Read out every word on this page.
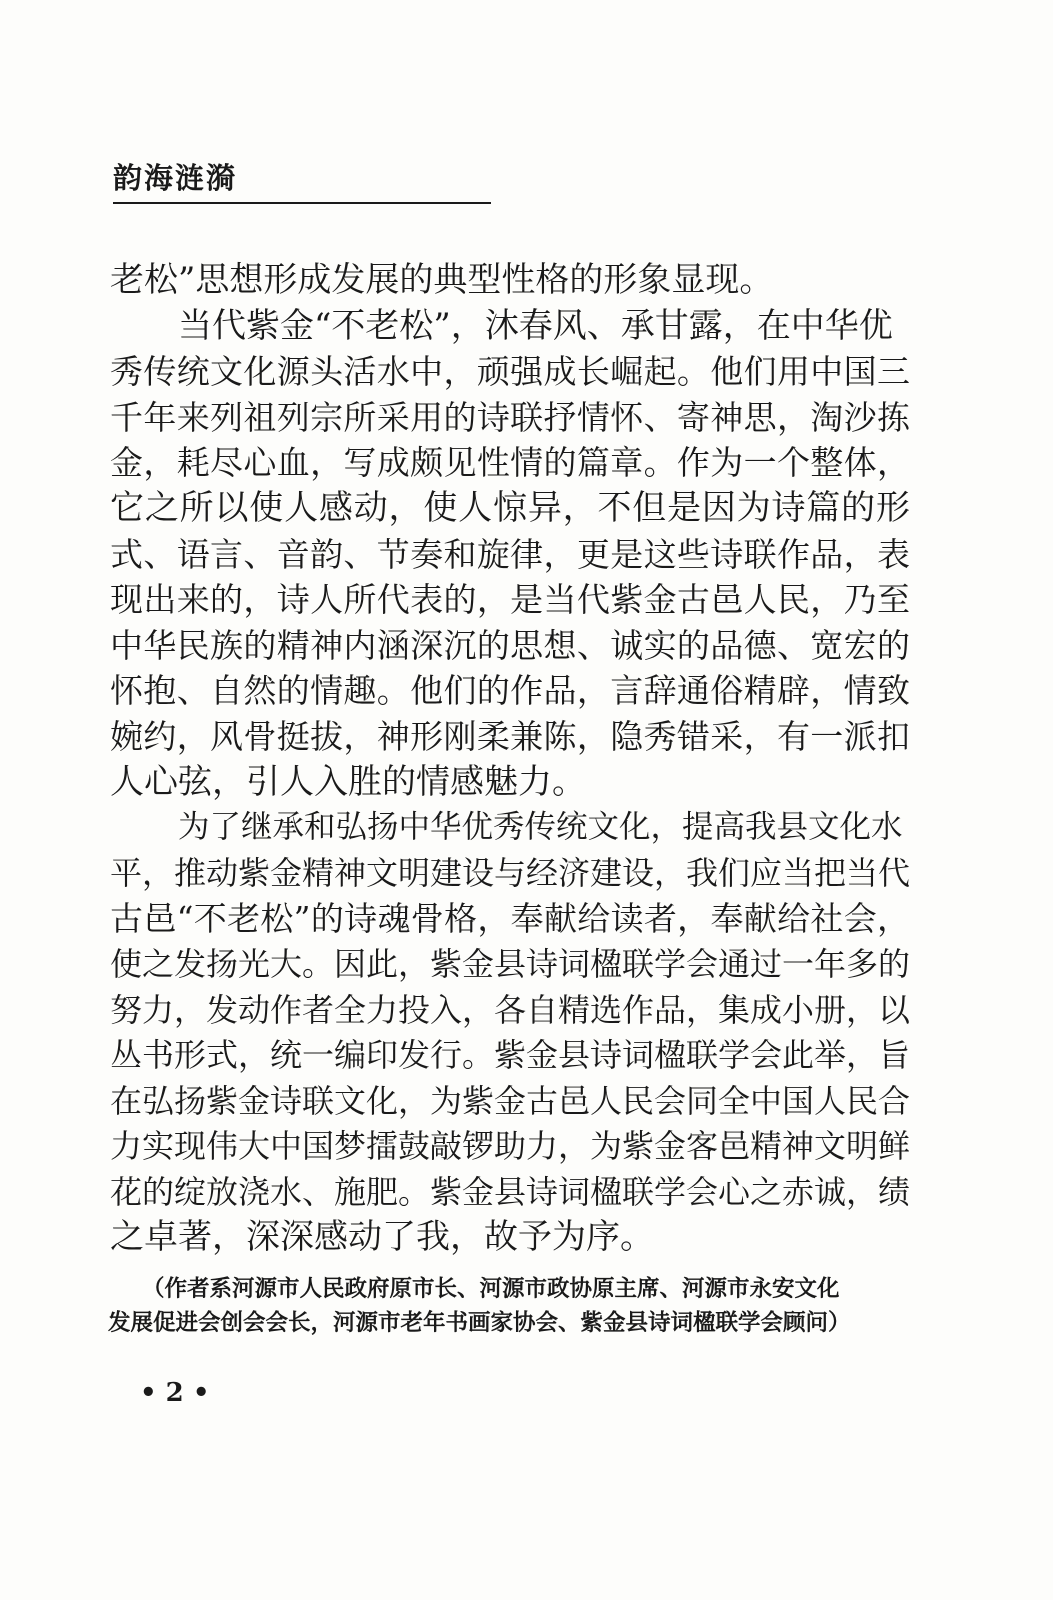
韵海涟漪
老松”思想形成发展的典型性格的形象显现。
当代紫金“不老松”，沐春风、承甘露，在中华优
秀传统文化源头活水中，顽强成长崛起。他们用中国三
千年来列祖列宗所采用的诗联抒情怀、寄神思，淘沙拣
金，耗尽心血，写成颇见性情的篇章。作为一个整体，
它之所以使人感动，使人惊异，不但是因为诗篇的形
式、语言、音韵、节奏和旋律，更是这些诗联作品，表
现出来的，诗人所代表的，是当代紫金古邑人民，乃至
中华民族的精神内涵深沉的思想、诚实的品德、宽宏的
怀抱、自然的情趣。他们的作品，言辞通俗精辟，情致
婉约，风骨挺拔，神形刚柔兼陈，隐秀错采，有一派扣
人心弦，引人入胜的情感魅力。
为了继承和弘扬中华优秀传统文化，提高我县文化水
平，推动紫金精神文明建设与经济建设，我们应当把当代
古邑“不老松”的诗魂骨格，奉献给读者，奉献给社会，
使之发扬光大。因此，紫金县诗词楹联学会通过一年多的
努力，发动作者全力投入，各自精选作品，集成小册，以
丛书形式，统一编印发行。紫金县诗词楹联学会此举，旨
在弘扬紫金诗联文化，为紫金古邑人民会同全中国人民合
力实现伟大中国梦擂鼓敲锣助力，为紫金客邑精神文明鲜
花的绽放浇水、施肥。紫金县诗词楹联学会心之赤诚，绩
之卓著，深深感动了我，故予为序。
（作者系河源市人民政府原市长、河源市政协原主席、河源市永安文化
发展促进会创会会长，河源市老年书画家协会、紫金县诗词楹联学会顾问）
• 2 •
